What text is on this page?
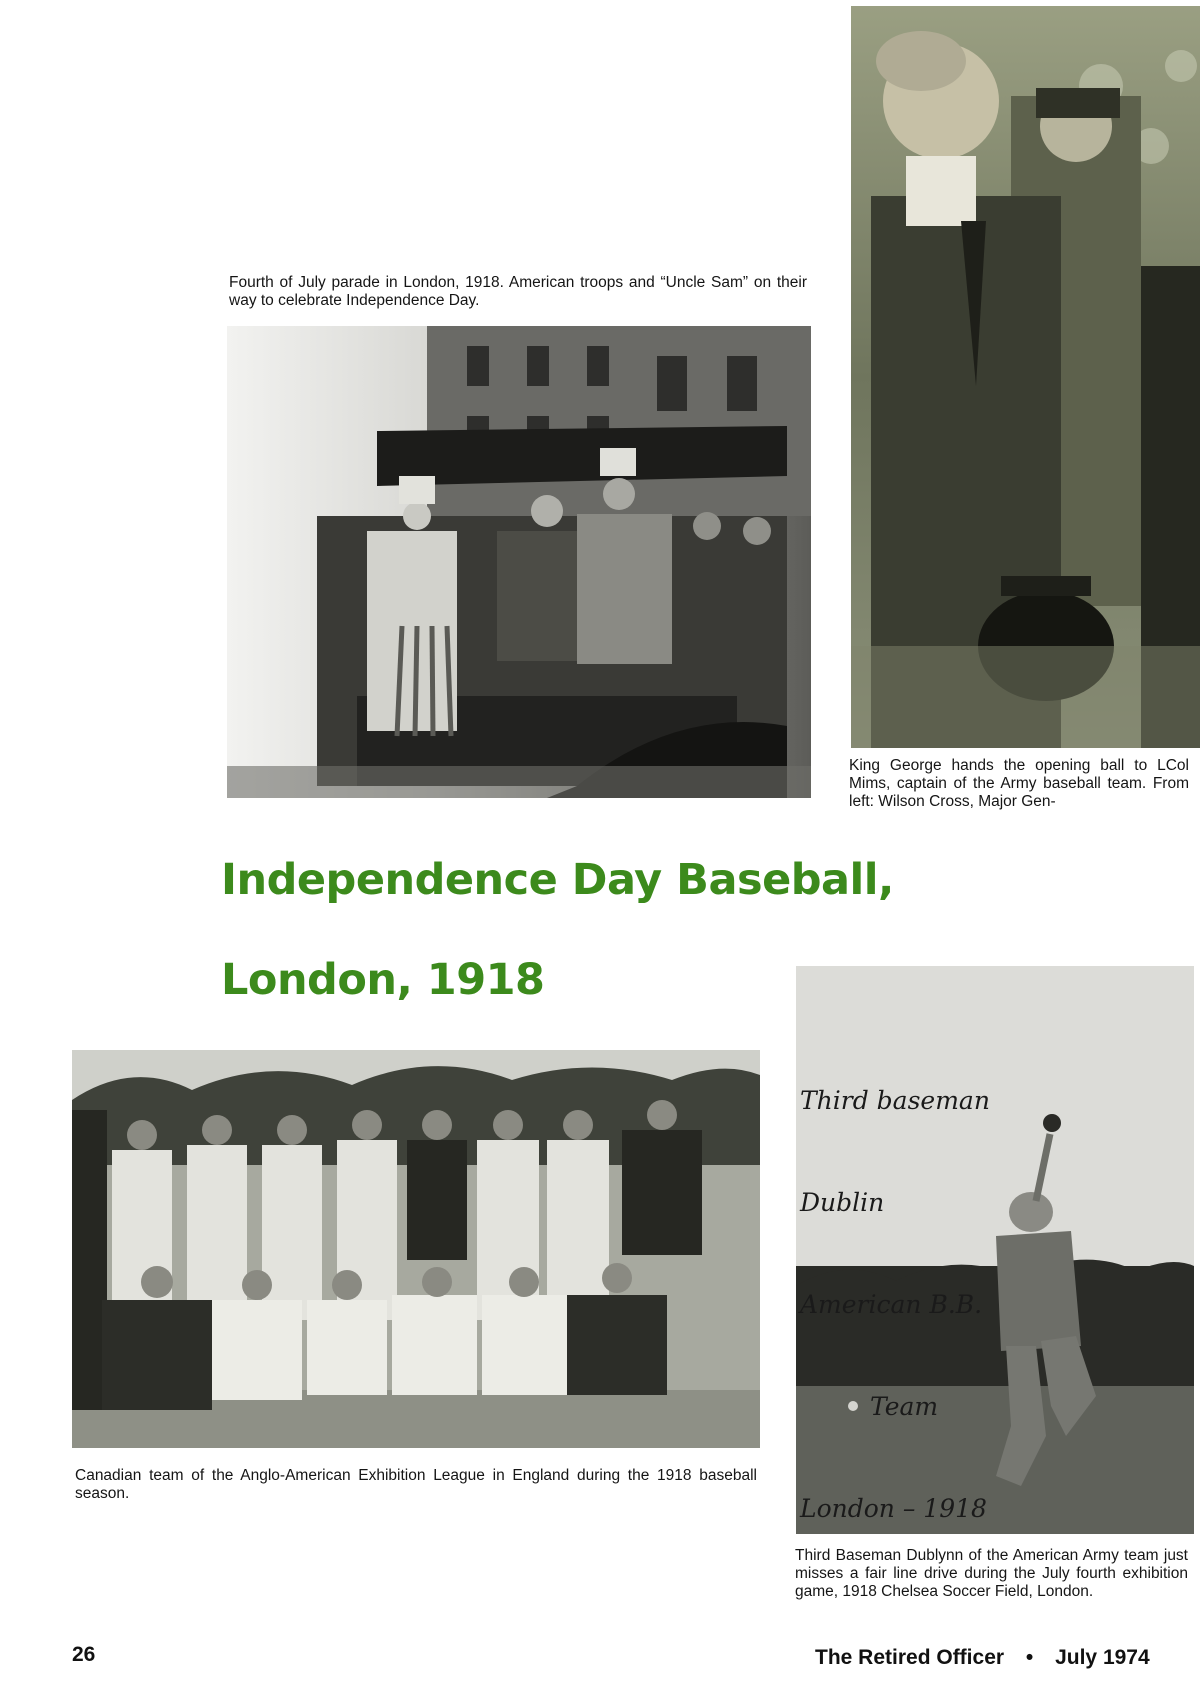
Fourth of July parade in London, 1918. American troops and “Uncle Sam” on their way to celebrate Independence Day.

King George hands the opening ball to LCol Mims, captain of the Army baseball team. From left: Wilson Cross, Major Gen-

Independence Day Baseball,
London, 1918

Canadian team of the Anglo-American Exhibition League in England during the 1918 baseball season.

Third baseman

Dublin

American B.B.

Team

London – 1918

Third Baseman Dublynn of the American Army team just misses a fair line drive during the July fourth exhibition game, 1918 Chelsea Soccer Field, London.

26	The Retired Officer • July 1974
